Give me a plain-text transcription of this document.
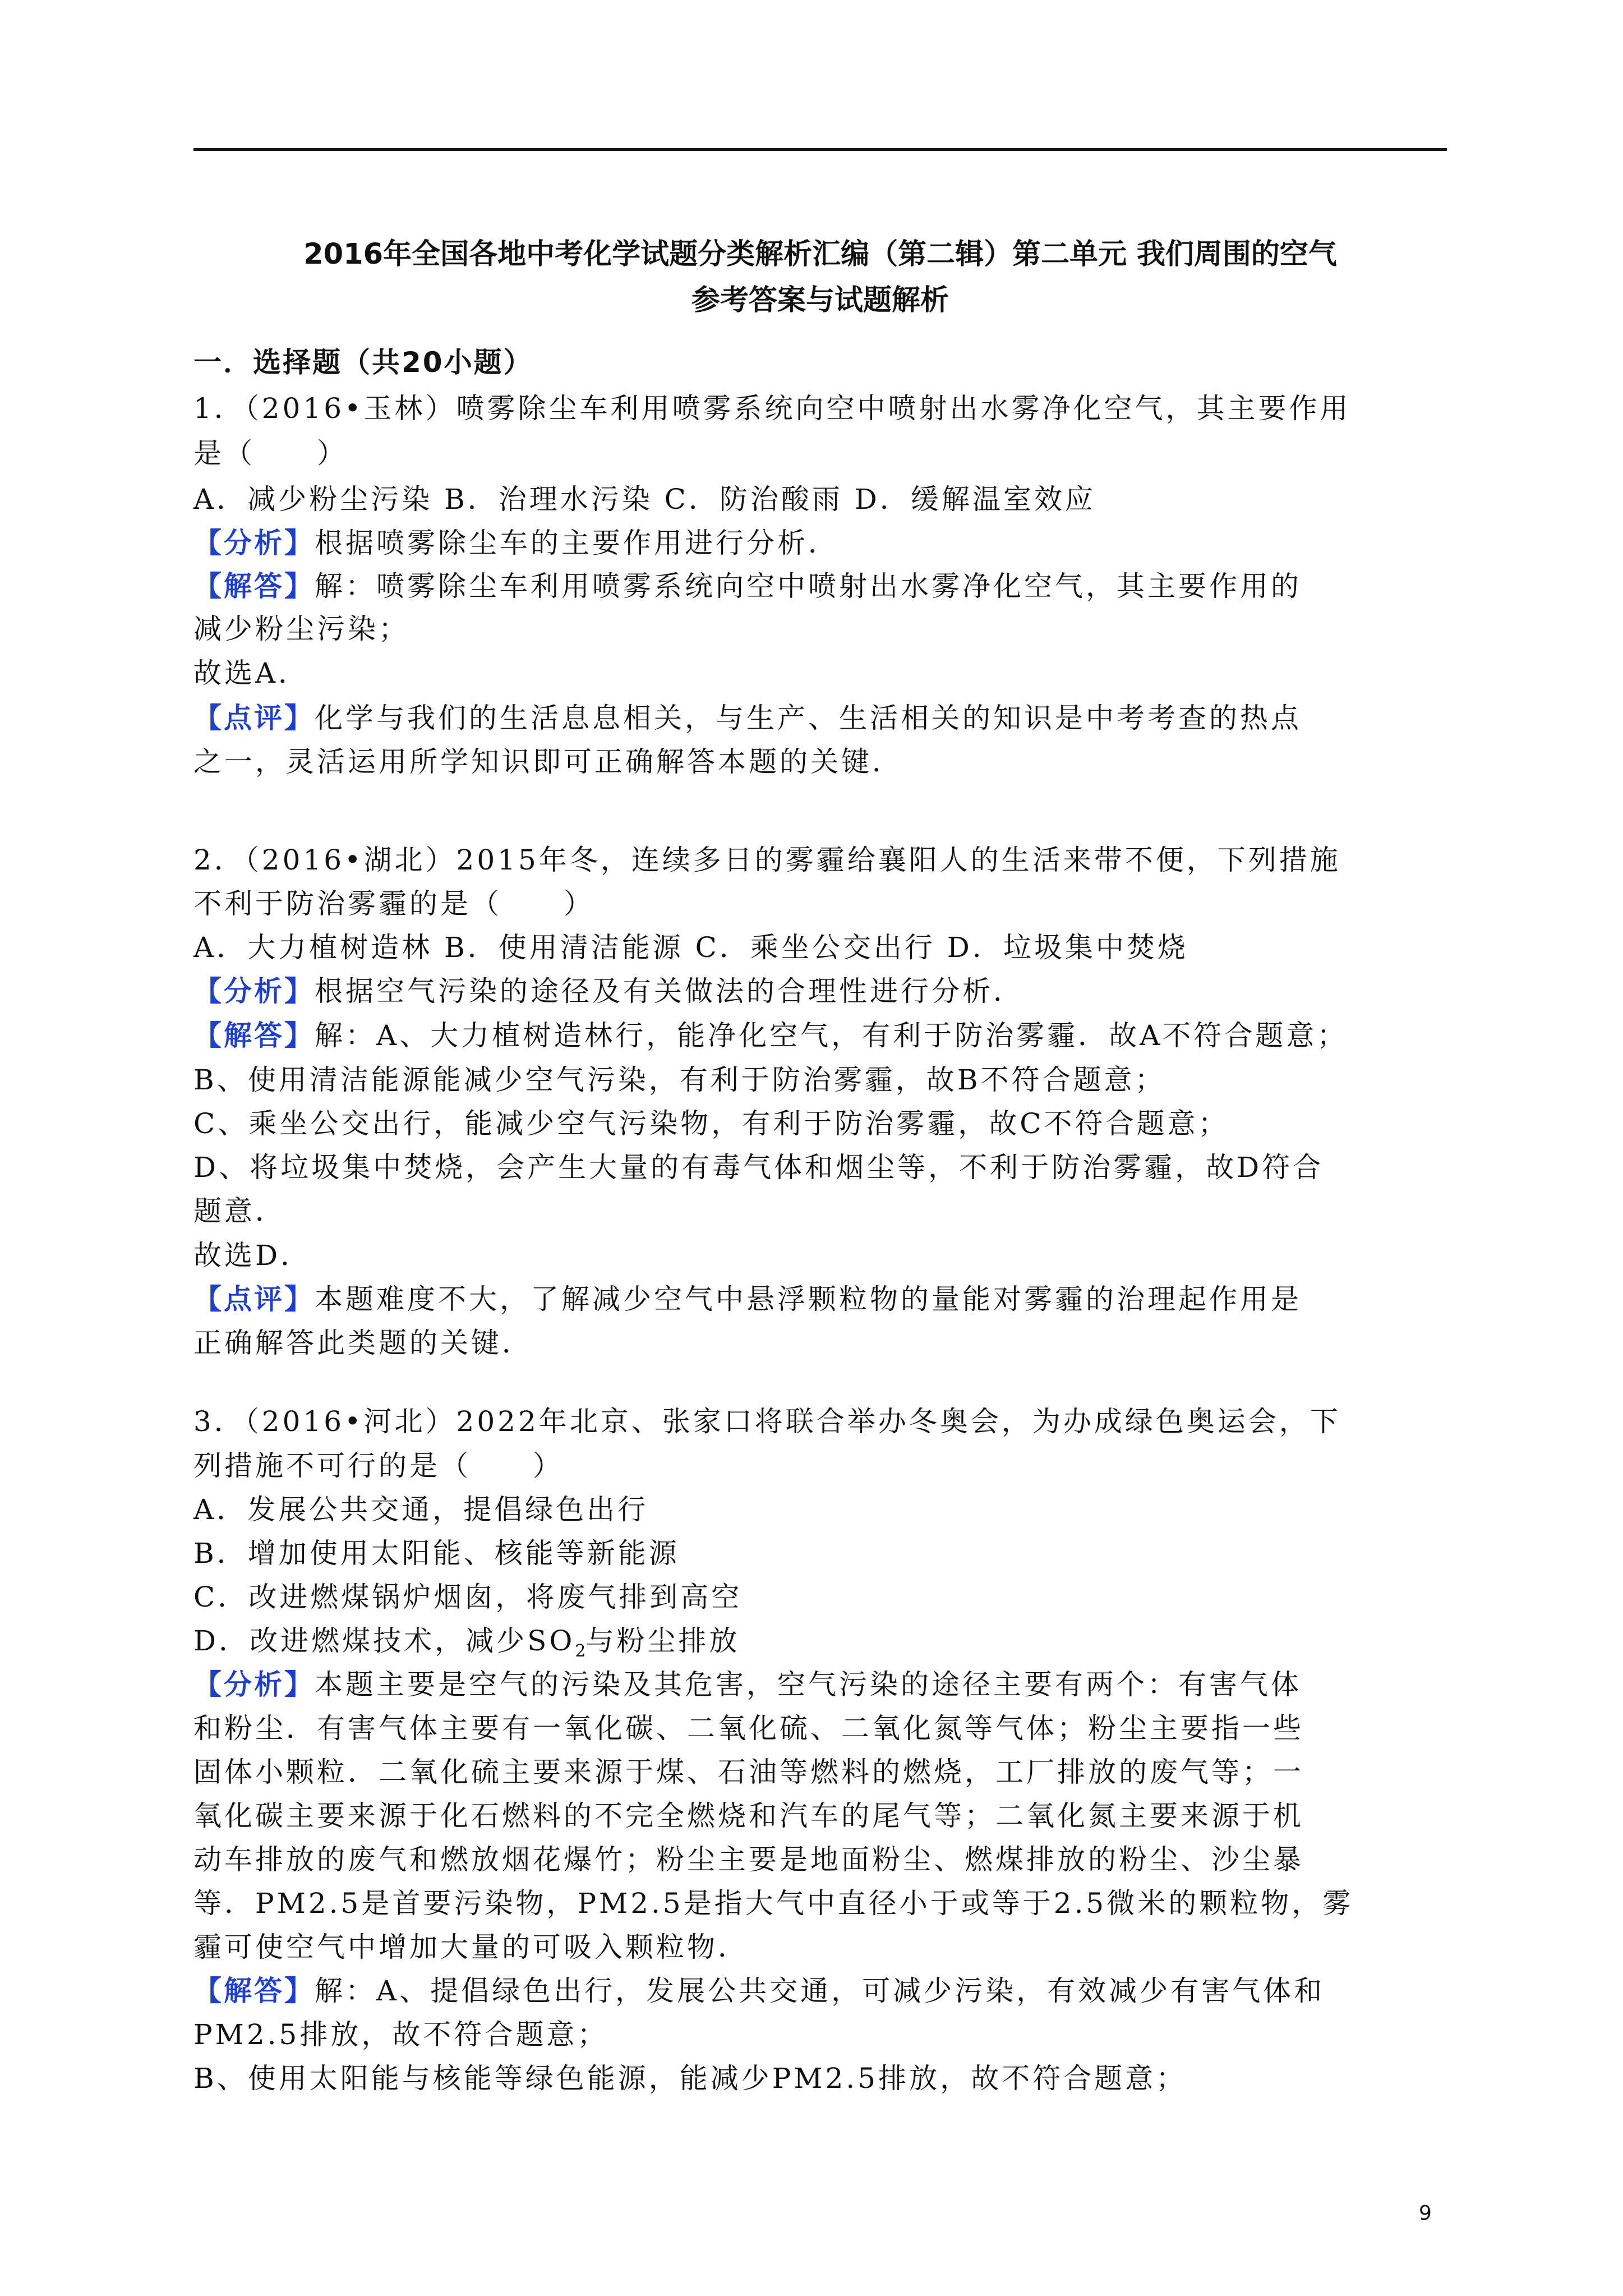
2016年全国各地中考化学试题分类解析汇编（第二辑）第二单元 我们周围的空气
参考答案与试题解析
一．选择题（共20小题）
1．（2016•玉林）喷雾除尘车利用喷雾系统向空中喷射出水雾净化空气，其主要作用
是（　　）
A．减少粉尘污染 B．治理水污染 C．防治酸雨 D．缓解温室效应
【分析】根据喷雾除尘车的主要作用进行分析．
【解答】解：喷雾除尘车利用喷雾系统向空中喷射出水雾净化空气，其主要作用的
减少粉尘污染；
故选A．
【点评】化学与我们的生活息息相关，与生产、生活相关的知识是中考考查的热点
之一，灵活运用所学知识即可正确解答本题的关键．
2．（2016•湖北）2015年冬，连续多日的雾霾给襄阳人的生活来带不便，下列措施
不利于防治雾霾的是（　　）
A．大力植树造林 B．使用清洁能源 C．乘坐公交出行 D．垃圾集中焚烧
【分析】根据空气污染的途径及有关做法的合理性进行分析．
【解答】解：A、大力植树造林行，能净化空气，有利于防治雾霾．故A不符合题意；
B、使用清洁能源能减少空气污染，有利于防治雾霾，故B不符合题意；
C、乘坐公交出行，能减少空气污染物，有利于防治雾霾，故C不符合题意；
D、将垃圾集中焚烧，会产生大量的有毒气体和烟尘等，不利于防治雾霾，故D符合
题意．
故选D．
【点评】本题难度不大，了解减少空气中悬浮颗粒物的量能对雾霾的治理起作用是
正确解答此类题的关键．
3．（2016•河北）2022年北京、张家口将联合举办冬奥会，为办成绿色奥运会，下
列措施不可行的是（　　）
A．发展公共交通，提倡绿色出行
B．增加使用太阳能、核能等新能源
C．改进燃煤锅炉烟囱，将废气排到高空
D．改进燃煤技术，减少$SO_2$与粉尘排放
【分析】本题主要是空气的污染及其危害，空气污染的途径主要有两个：有害气体
和粉尘．有害气体主要有一氧化碳、二氧化硫、二氧化氮等气体；粉尘主要指一些
固体小颗粒．二氧化硫主要来源于煤、石油等燃料的燃烧，工厂排放的废气等；一
氧化碳主要来源于化石燃料的不完全燃烧和汽车的尾气等；二氧化氮主要来源于机
动车排放的废气和燃放烟花爆竹；粉尘主要是地面粉尘、燃煤排放的粉尘、沙尘暴
等．PM2.5是首要污染物，PM2.5是指大气中直径小于或等于2.5微米的颗粒物，雾
霾可使空气中增加大量的可吸入颗粒物．
【解答】解：A、提倡绿色出行，发展公共交通，可减少污染，有效减少有害气体和
PM2.5排放，故不符合题意；
B、使用太阳能与核能等绿色能源，能减少PM2.5排放，故不符合题意；
9
